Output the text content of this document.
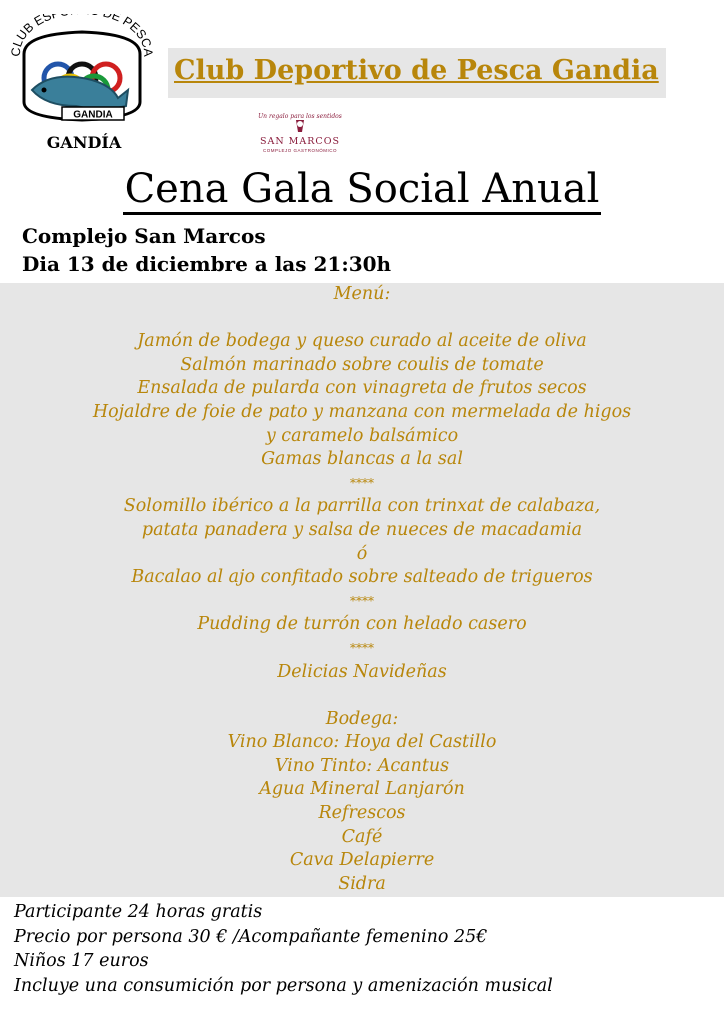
CLUB ES E PESCA
GANDIA
GANDÍA
Club Deportivo de Pesca Gandia
Un regalo para los sentidos
SAN MARCOS
COMPLEJO GASTRONÓMICO
Cena Gala Social Anual
Complejo San Marcos
Dia 13 de diciembre a las 21:30h
Menú:

Jamón de bodega y queso curado al aceite de oliva
Salmón marinado sobre coulis de tomate
Ensalada de pularda con vinagreta de frutos secos
Hojaldre de foie de pato y manzana con mermelada de higos
y caramelo balsámico
Gamas blancas a la sal
****
Solomillo ibérico a la parrilla con trinxat de calabaza,
patata panadera y salsa de nueces de macadamia
ó
Bacalao al ajo confitado sobre salteado de trigueros
****
Pudding de turrón con helado casero
****
Delicias Navideñas

Bodega:
Vino Blanco: Hoya del Castillo
Vino Tinto: Acantus
Agua Mineral Lanjarón
Refrescos
Café
Cava Delapierre
Sidra
Participante 24 horas gratis
Precio por persona 30 € /Acompañante femenino 25€
Niños 17 euros
Incluye una consumición por persona y amenización musical
